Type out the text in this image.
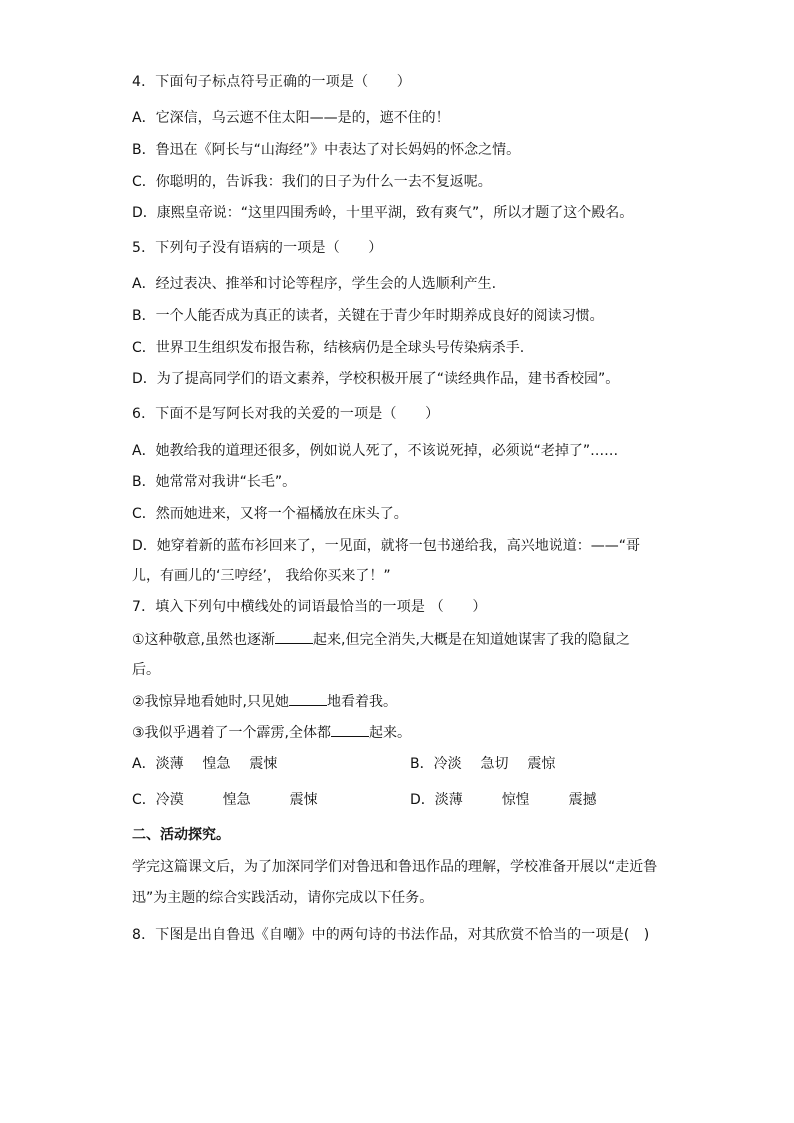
4．下面句子标点符号正确的一项是（　　）
A．它深信，乌云遮不住太阳——是的，遮不住的！
B．鲁迅在《阿长与“山海经”》中表达了对长妈妈的怀念之情。
C．你聪明的，告诉我：我们的日子为什么一去不复返呢。
D．康熙皇帝说：“这里四围秀岭，十里平湖，致有爽气”，所以才题了这个殿名。
5．下列句子没有语病的一项是（　　）
A．经过表决、推举和讨论等程序，学生会的人选顺利产生.
B．一个人能否成为真正的读者，关键在于青少年时期养成良好的阅读习惯。
C．世界卫生组织发布报告称，结核病仍是全球头号传染病杀手.
D．为了提高同学们的语文素养，学校积极开展了“读经典作品，建书香校园”。
6．下面不是写阿长对我的关爱的一项是（　　）
A．她教给我的道理还很多，例如说人死了，不该说死掉，必须说“老掉了”……
B．她常常对我讲“长毛”。
C．然而她进来，又将一个福橘放在床头了。
D．她穿着新的蓝布衫回来了，一见面，就将一包书递给我，高兴地说道：——“哥
儿，有画儿的‘三哼经’， 我给你买来了！”
7．填入下列句中横线处的词语最恰当的一项是 （　　）
①这种敬意,虽然也逐渐	起来,但完全消失,大概是在知道她谋害了我的隐鼠之
后。
②我惊异地看她时,只见她	地看着我。
③我似乎遇着了一个霹雳,全体都	起来。
A．淡薄 惶急 震悚	B．冷淡 急切 震惊
C．冷漠	惶急	震悚	D．淡薄	惊惶	震撼
二、活动探究。
学完这篇课文后，为了加深同学们对鲁迅和鲁迅作品的理解，学校准备开展以“走近鲁
迅”为主题的综合实践活动，请你完成以下任务。
8．下图是出自鲁迅《自嘲》中的两句诗的书法作品，对其欣赏不恰当的一项是(　)
